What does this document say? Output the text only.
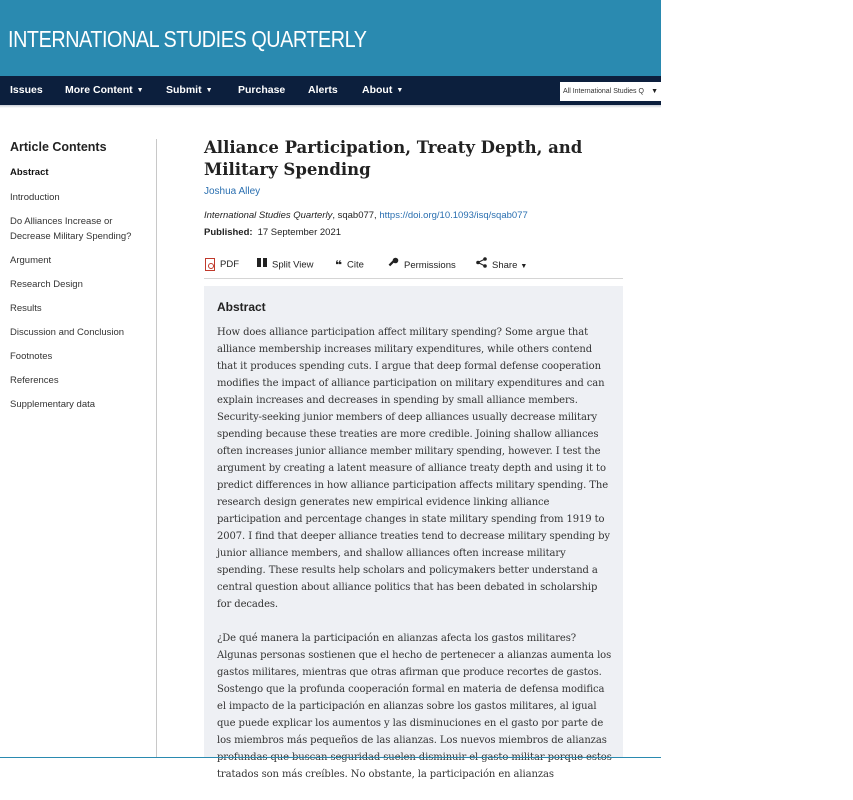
INTERNATIONAL STUDIES QUARTERLY
Issues More Content ▼ Submit ▼ Purchase Alerts About ▼	All International Studies Q ▼
Article Contents
Abstract
Introduction
Do Alliances Increase or Decrease Military Spending?
Argument
Research Design
Results
Discussion and Conclusion
Footnotes
References
Supplementary data
Alliance Participation, Treaty Depth, and Military Spending
Joshua Alley
International Studies Quarterly, sqab077, https://doi.org/10.1093/isq/sqab077
Published: 17 September 2021
PDF	Split View ❝ Cite	Permissions	Share ▼
Abstract

How does alliance participation affect military spending? Some argue that alliance membership increases military expenditures, while others contend that it produces spending cuts. I argue that deep formal defense cooperation modifies the impact of alliance participation on military expenditures and can explain increases and decreases in spending by small alliance members. Security-seeking junior members of deep alliances usually decrease military spending because these treaties are more credible. Joining shallow alliances often increases junior alliance member military spending, however. I test the argument by creating a latent measure of alliance treaty depth and using it to predict differences in how alliance participation affects military spending. The research design generates new empirical evidence linking alliance participation and percentage changes in state military spending from 1919 to 2007. I find that deeper alliance treaties tend to decrease military spending by junior alliance members, and shallow alliances often increase military spending. These results help scholars and policymakers better understand a central question about alliance politics that has been debated in scholarship for decades.

¿De qué manera la participación en alianzas afecta los gastos militares? Algunas personas sostienen que el hecho de pertenecer a alianzas aumenta los gastos militares, mientras que otras afirman que produce recortes de gastos. Sostengo que la profunda cooperación formal en materia de defensa modifica el impacto de la participación en alianzas sobre los gastos militares, al igual que puede explicar los aumentos y las disminuciones en el gasto por parte de los miembros más pequeños de las alianzas. Los nuevos miembros de alianzas tratados son más creíbles. No obstante, la participación en alianzas
